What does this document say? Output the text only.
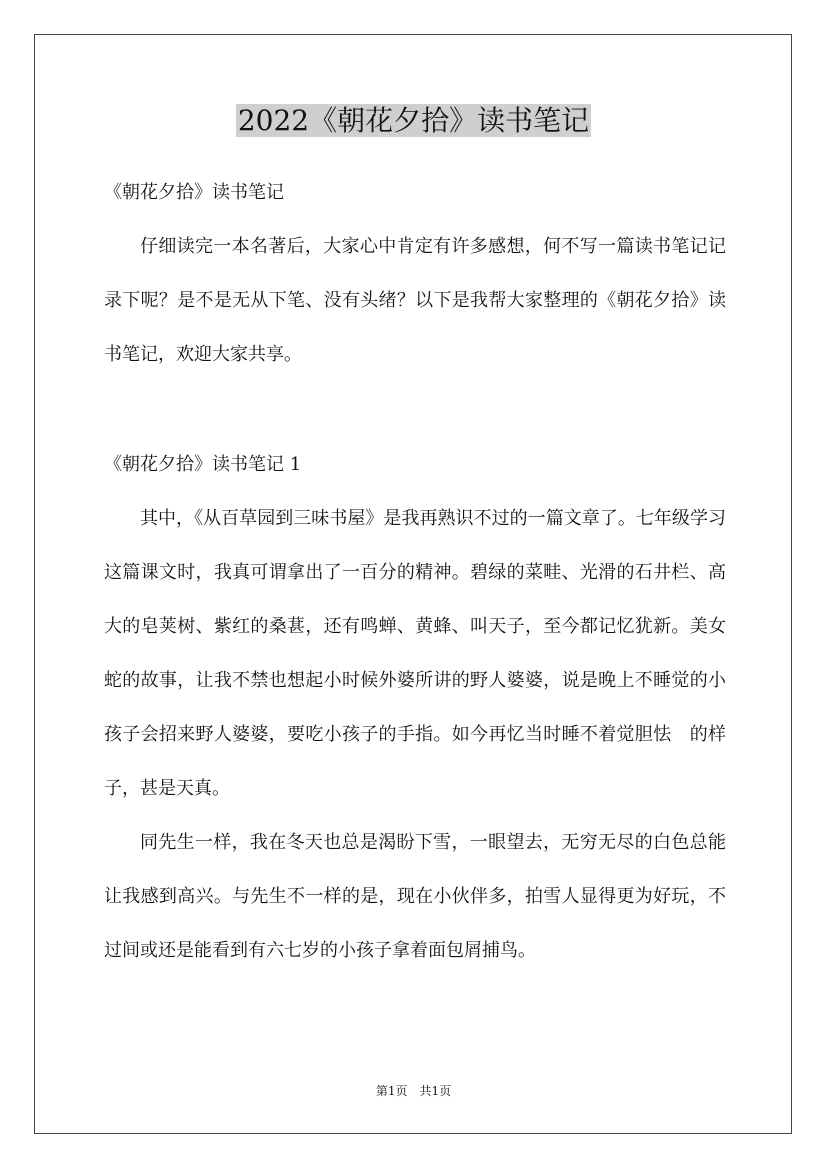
2022《朝花夕拾》读书笔记
《朝花夕拾》读书笔记

仔细读完一本名著后，大家心中肯定有许多感想，何不写一篇读书笔记记录下呢？是不是无从下笔、没有头绪？以下是我帮大家整理的《朝花夕拾》读书笔记，欢迎大家共享。

《朝花夕拾》读书笔记 1

其中，《从百草园到三味书屋》是我再熟识不过的一篇文章了。七年级学习这篇课文时，我真可谓拿出了一百分的精神。碧绿的菜畦、光滑的石井栏、高大的皂荚树、紫红的桑葚，还有鸣蝉、黄蜂、叫天子，至今都记忆犹新。美女蛇的故事，让我不禁也想起小时候外婆所讲的野人婆婆，说是晚上不睡觉的小孩子会招来野人婆婆，要吃小孩子的手指。如今再忆当时睡不着觉胆怯　的样子，甚是天真。

同先生一样，我在冬天也总是渴盼下雪，一眼望去，无穷无尽的白色总能让我感到高兴。与先生不一样的是，现在小伙伴多，拍雪人显得更为好玩，不过间或还是能看到有六七岁的小孩子拿着面包屑捕鸟。

第1页　共1页
